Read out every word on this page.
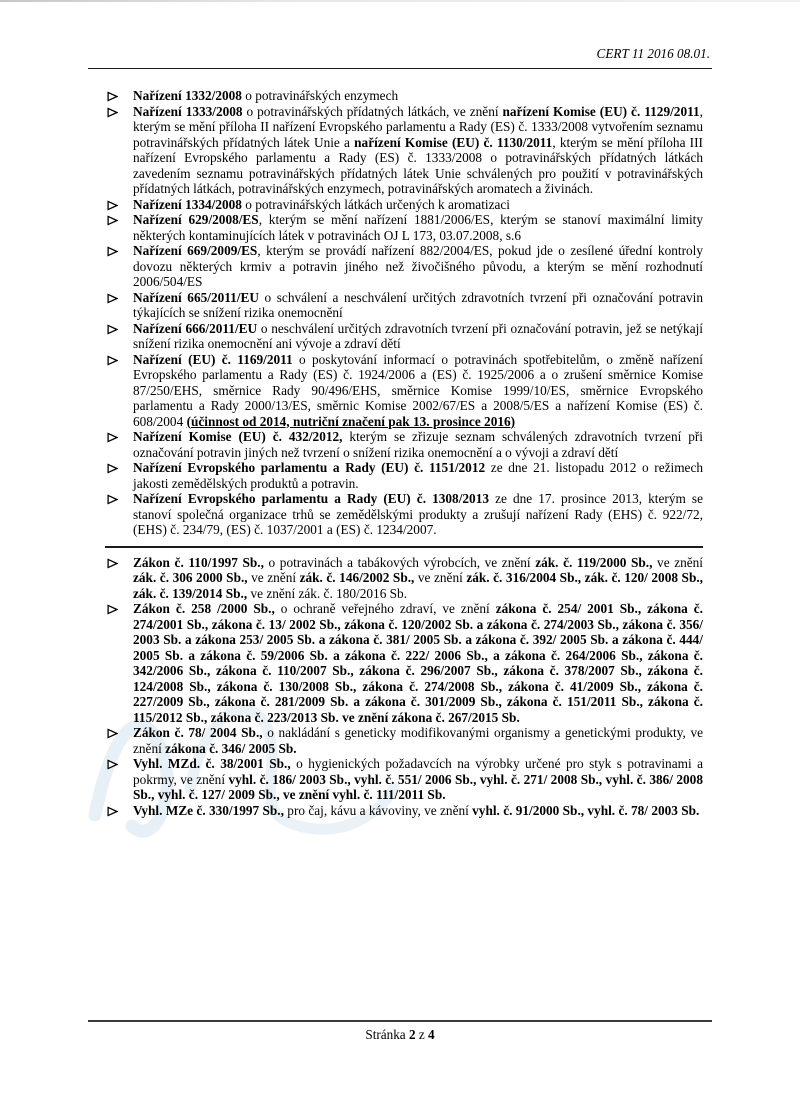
CERT 11 2016 08.01.
Nařízení 1332/2008 o potravinářských enzymech
Nařízení 1333/2008 o potravinářských přídatných látkách, ve znění nařízení Komise (EU) č. 1129/2011, kterým se mění příloha II nařízení Evropského parlamentu a Rady (ES) č. 1333/2008 vytvořením seznamu potravinářských přídatných látek Unie a nařízení Komise (EU) č. 1130/2011, kterým se mění příloha III nařízení Evropského parlamentu a Rady (ES) č. 1333/2008 o potravinářských přídatných látkách zavedením seznamu potravinářských přídatných látek Unie schválených pro použití v potravinářských přídatných látkách, potravinářských enzymech, potravinářských aromatech a živinách.
Nařízení 1334/2008 o potravinářských látkách určených k aromatizaci
Nařízení 629/2008/ES, kterým se mění nařízení 1881/2006/ES, kterým se stanoví maximální limity některých kontaminujících látek v potravinách OJ L 173, 03.07.2008, s.6
Nařízení 669/2009/ES, kterým se provádí nařízení 882/2004/ES, pokud jde o zesílené úřední kontroly dovozu některých krmiv a potravin jiného než živočišného původu, a kterým se mění rozhodnutí 2006/504/ES
Nařízení 665/2011/EU o schválení a neschválení určitých zdravotních tvrzení při označování potravin týkajících se snížení rizika onemocnění
Nařízení 666/2011/EU o neschválení určitých zdravotních tvrzení při označování potravin, jež se netýkají snížení rizika onemocnění ani vývoje a zdraví dětí
Nařízení (EU) č. 1169/2011 o poskytování informací o potravinách spotřebitelům, o změně nařízení Evropského parlamentu a Rady (ES) č. 1924/2006 a (ES) č. 1925/2006 a o zrušení směrnice Komise 87/250/EHS, směrnice Rady 90/496/EHS, směrnice Komise 1999/10/ES, směrnice Evropského parlamentu a Rady 2000/13/ES, směrnic Komise 2002/67/ES a 2008/5/ES a nařízení Komise (ES) č. 608/2004 (účinnost od 2014, nutriční značení pak 13. prosince 2016)
Nařízení Komise (EU) č. 432/2012, kterým se zřizuje seznam schválených zdravotních tvrzení při označování potravin jiných než tvrzení o snížení rizika onemocnění a o vývoji a zdraví dětí
Nařízení Evropského parlamentu a Rady (EU) č. 1151/2012 ze dne 21. listopadu 2012 o režimech jakosti zemědělských produktů a potravin.
Nařízení Evropského parlamentu a Rady (EU) č. 1308/2013 ze dne 17. prosince 2013, kterým se stanoví společná organizace trhů se zemědělskými produkty a zrušují nařízení Rady (EHS) č. 922/72, (EHS) č. 234/79, (ES) č. 1037/2001 a (ES) č. 1234/2007.
Zákon č. 110/1997 Sb., o potravinách a tabákových výrobcích, ve znění zák. č. 119/2000 Sb., ve znění zák. č. 306 2000 Sb., ve znění zák. č. 146/2002 Sb., ve znění zák. č. 316/2004 Sb., zák. č. 120/ 2008 Sb., zák. č. 139/2014 Sb., ve znění zák. č. 180/2016 Sb.
Zákon č. 258 /2000 Sb., o ochraně veřejného zdraví, ve znění zákona č. 254/ 2001 Sb., zákona č. 274/2001 Sb., zákona č. 13/ 2002 Sb., zákona č. 120/2002 Sb. a zákona č. 274/2003 Sb., zákona č. 356/ 2003 Sb. a zákona 253/ 2005 Sb. a zákona č. 381/ 2005 Sb. a zákona č. 392/ 2005 Sb. a zákona č. 444/ 2005 Sb. a zákona č. 59/2006 Sb. a zákona č. 222/ 2006 Sb., a zákona č. 264/2006 Sb., zákona č. 342/2006 Sb., zákona č. 110/2007 Sb., zákona č. 296/2007 Sb., zákona č. 378/2007 Sb., zákona č. 124/2008 Sb., zákona č. 130/2008 Sb., zákona č. 274/2008 Sb., zákona č. 41/2009 Sb., zákona č. 227/2009 Sb., zákona č. 281/2009 Sb. a zákona č. 301/2009 Sb., zákona č. 151/2011 Sb., zákona č. 115/2012 Sb., zákona č. 223/2013 Sb. ve znění zákona č. 267/2015 Sb.
Zákon č. 78/ 2004 Sb., o nakládání s geneticky modifikovanými organismy a genetickými produkty, ve znění zákona č. 346/ 2005 Sb.
Vyhl. MZd. č. 38/2001 Sb., o hygienických požadavcích na výrobky určené pro styk s potravinami a pokrmy, ve znění vyhl. č. 186/ 2003 Sb., vyhl. č. 551/ 2006 Sb., vyhl. č. 271/ 2008 Sb., vyhl. č. 386/ 2008 Sb., vyhl. č. 127/ 2009 Sb., ve znění vyhl. č. 111/2011 Sb.
Vyhl. MZe č. 330/1997 Sb., pro čaj, kávu a kávoviny, ve znění vyhl. č. 91/2000 Sb., vyhl. č. 78/ 2003 Sb.
Stránka 2 z 4
